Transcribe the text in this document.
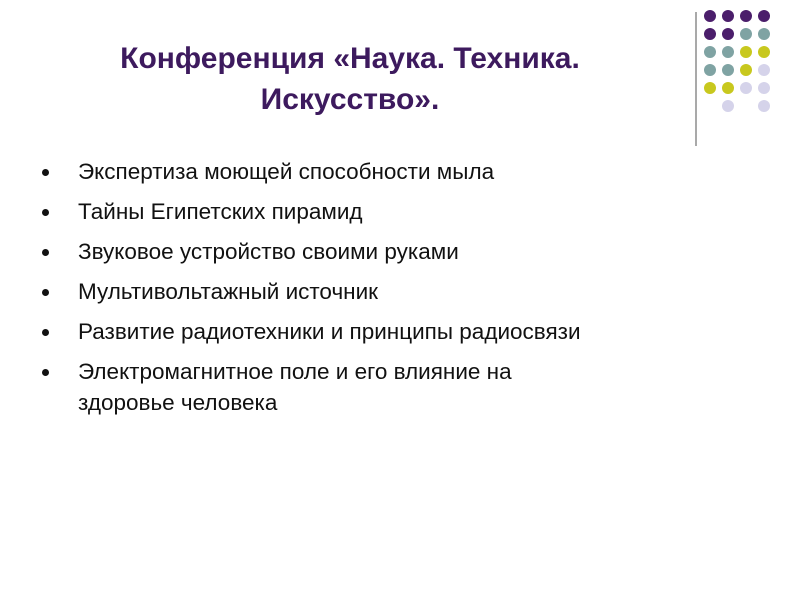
Конференция «Наука. Техника.
Искусство».
Экспертиза моющей способности мыла
Тайны Египетских пирамид
Звуковое устройство своими руками
Мультивольтажный источник
Развитие радиотехники и принципы радиосвязи
Электромагнитное поле и его влияние на
здоровье человека
